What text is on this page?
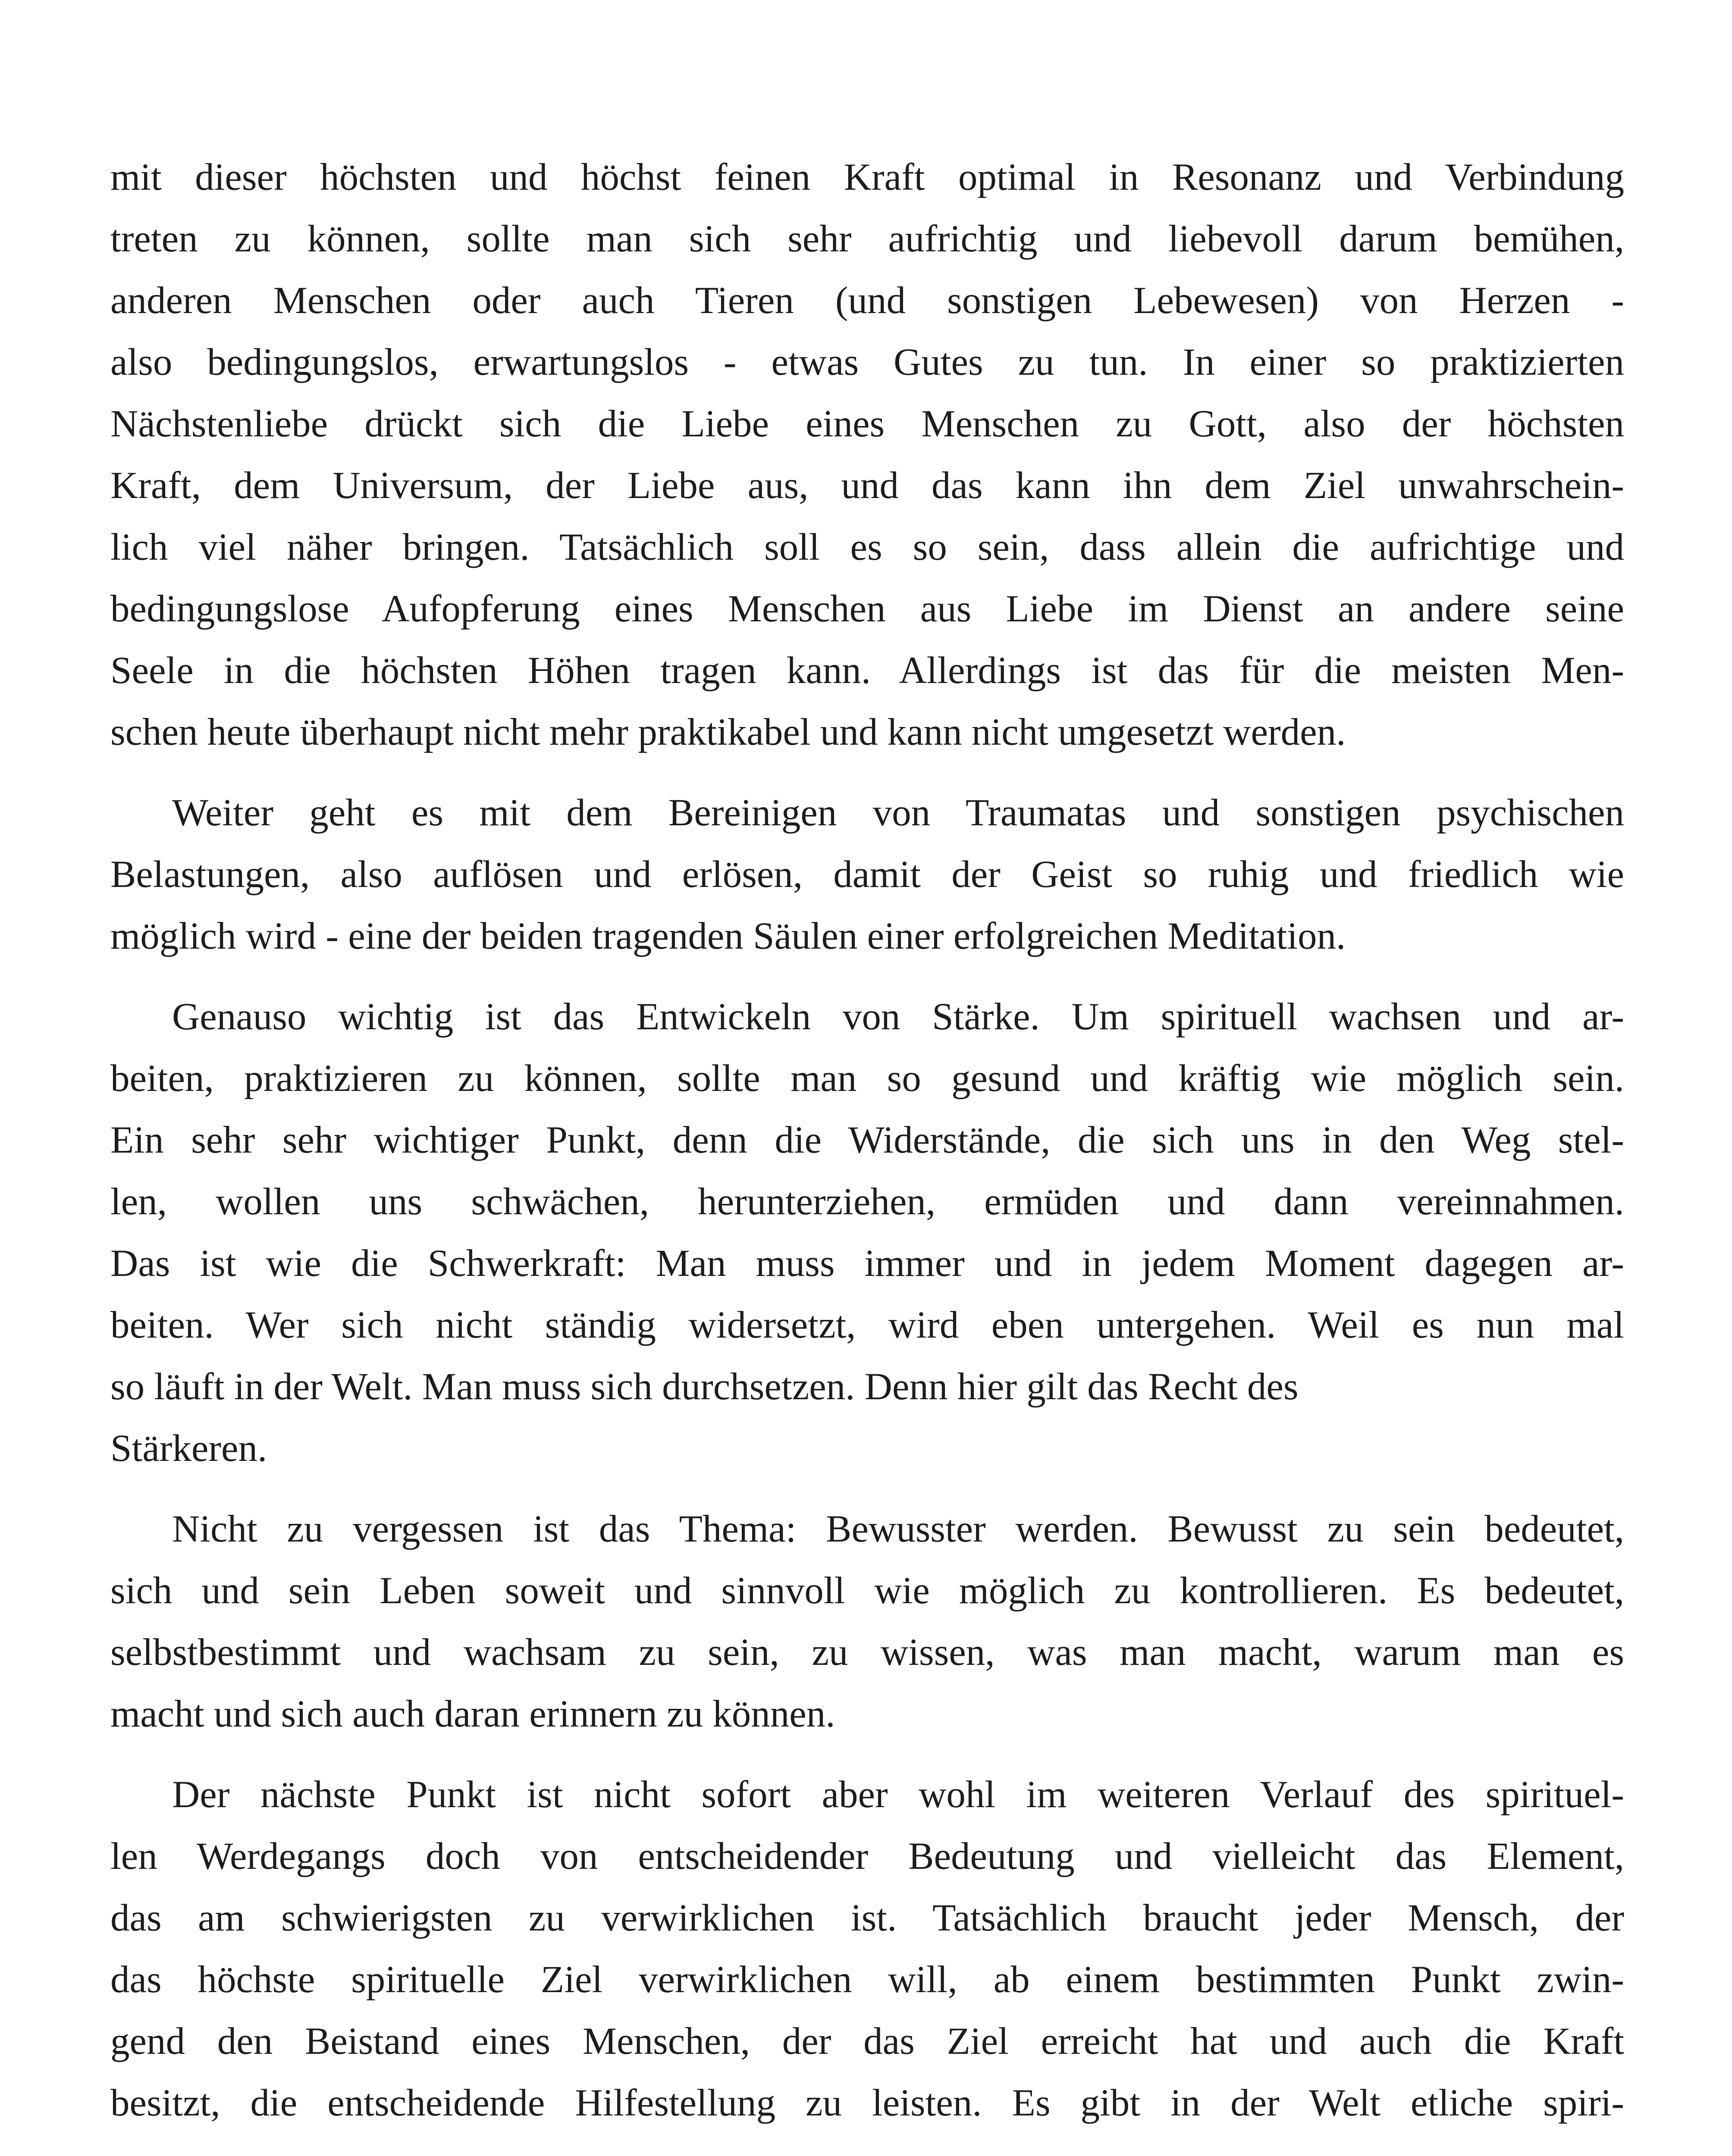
mit dieser höchsten und höchst feinen Kraft optimal in Resonanz und Verbindung
treten zu können, sollte man sich sehr aufrichtig und liebevoll darum bemühen,
anderen Menschen oder auch Tieren (und sonstigen Lebewesen) von Herzen -
also bedingungslos, erwartungslos - etwas Gutes zu tun. In einer so praktizierten
Nächstenliebe drückt sich die Liebe eines Menschen zu Gott, also der höchsten
Kraft, dem Universum, der Liebe aus, und das kann ihn dem Ziel unwahrschein-
lich viel näher bringen. Tatsächlich soll es so sein, dass allein die aufrichtige und
bedingungslose Aufopferung eines Menschen aus Liebe im Dienst an andere seine
Seele in die höchsten Höhen tragen kann. Allerdings ist das für die meisten Men-
schen heute überhaupt nicht mehr praktikabel und kann nicht umgesetzt werden.
Weiter geht es mit dem Bereinigen von Traumatas und sonstigen psychischen
Belastungen, also auflösen und erlösen, damit der Geist so ruhig und friedlich wie
möglich wird - eine der beiden tragenden Säulen einer erfolgreichen Meditation.
Genauso wichtig ist das Entwickeln von Stärke. Um spirituell wachsen und ar-
beiten, praktizieren zu können, sollte man so gesund und kräftig wie möglich sein.
Ein sehr sehr wichtiger Punkt, denn die Widerstände, die sich uns in den Weg stel-
len, wollen uns schwächen, herunterziehen, ermüden und dann vereinnahmen.
Das ist wie die Schwerkraft: Man muss immer und in jedem Moment dagegen ar-
beiten. Wer sich nicht ständig widersetzt, wird eben untergehen. Weil es nun mal
so läuft in der Welt. Man muss sich durchsetzen. Denn hier gilt das Recht des
Stärkeren.
Nicht zu vergessen ist das Thema: Bewusster werden. Bewusst zu sein bedeutet,
sich und sein Leben soweit und sinnvoll wie möglich zu kontrollieren. Es bedeutet,
selbstbestimmt und wachsam zu sein, zu wissen, was man macht, warum man es
macht und sich auch daran erinnern zu können.
Der nächste Punkt ist nicht sofort aber wohl im weiteren Verlauf des spirituel-
len Werdegangs doch von entscheidender Bedeutung und vielleicht das Element,
das am schwierigsten zu verwirklichen ist. Tatsächlich braucht jeder Mensch, der
das höchste spirituelle Ziel verwirklichen will, ab einem bestimmten Punkt zwin-
gend den Beistand eines Menschen, der das Ziel erreicht hat und auch die Kraft
besitzt, die entscheidende Hilfestellung zu leisten. Es gibt in der Welt etliche spiri-
